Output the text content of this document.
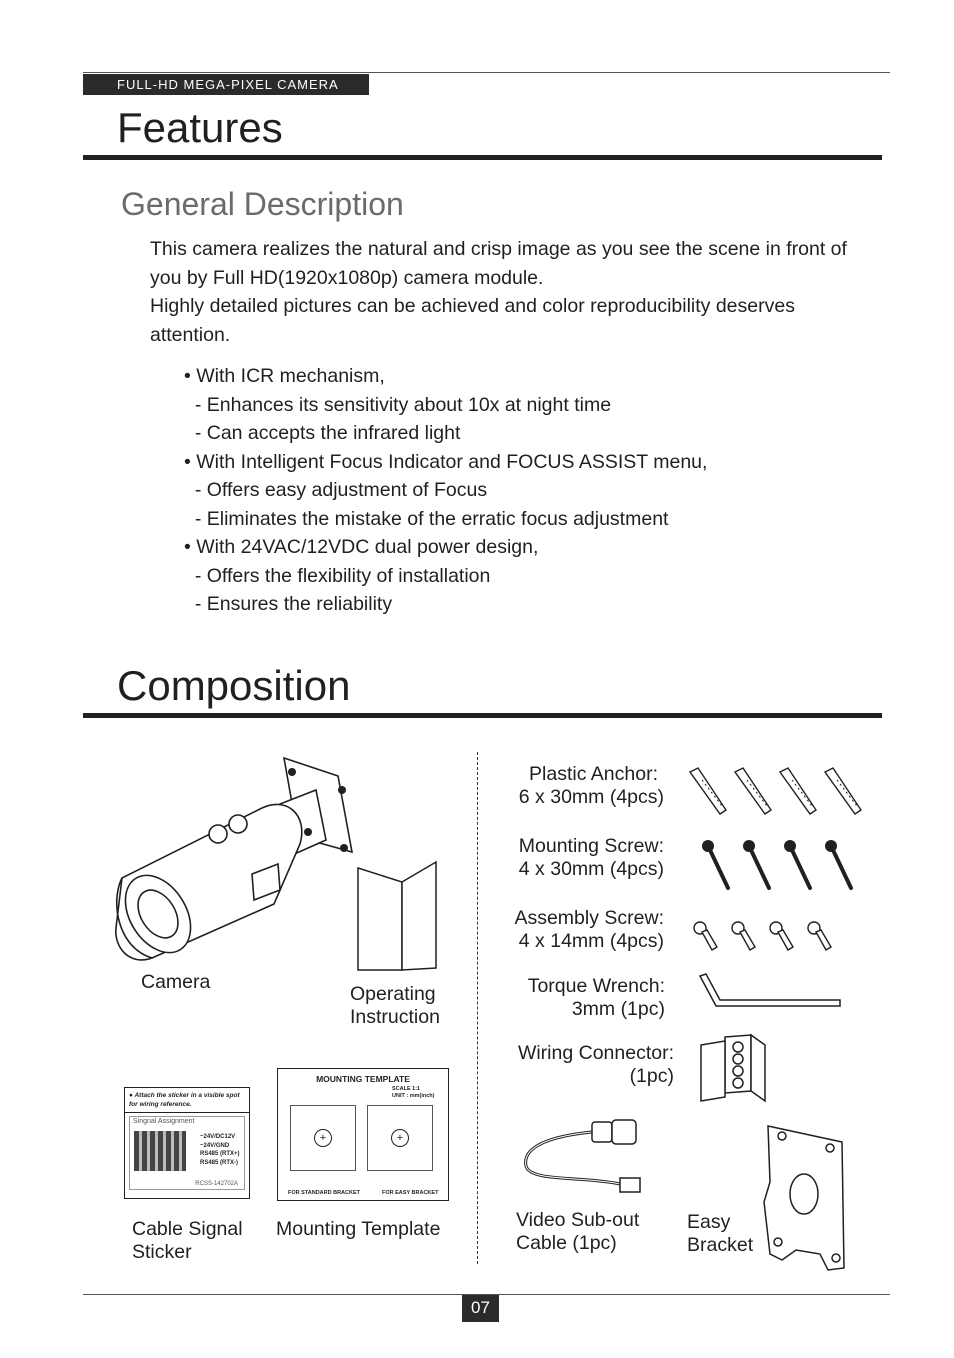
FULL-HD MEGA-PIXEL CAMERA
Features
General Description

This camera realizes the natural and crisp image as you see the scene in front of you by Full HD(1920x1080p) camera module.

Highly detailed pictures can be achieved and color reproducibility deserves attention.

• With ICR mechanism,
- Enhances its sensitivity about 10x at night time
- Can accepts the infrared light
• With Intelligent Focus Indicator and FOCUS ASSIST menu,
- Offers easy adjustment of Focus
- Eliminates the mistake of the erratic focus adjustment
• With 24VAC/12VDC dual power design,
- Offers the flexibility of installation
- Ensures the reliability
Composition
Camera
Operating
Instruction
● Attach the sticker in a visible spot for wiring reference.
Singnal Assignment
~24V/DC12V
~24V/GND
RS485 (RTX+)
RS485 (RTX-)
RCSS-142702A
MOUNTING TEMPLATE
SCALE 1:1
UNIT : mm(inch)
+	+
FOR STANDARD BRACKET	FOR EASY BRACKET
Cable Signal
Sticker
Mounting Template
Plastic Anchor:
6 x 30mm (4pcs)
Mounting Screw:
4 x 30mm (4pcs)
Assembly Screw:
4 x 14mm (4pcs)
Torque Wrench:
3mm (1pc)
Wiring Connector:
(1pc)
Video Sub-out
Cable (1pc)
Easy
Bracket
07
